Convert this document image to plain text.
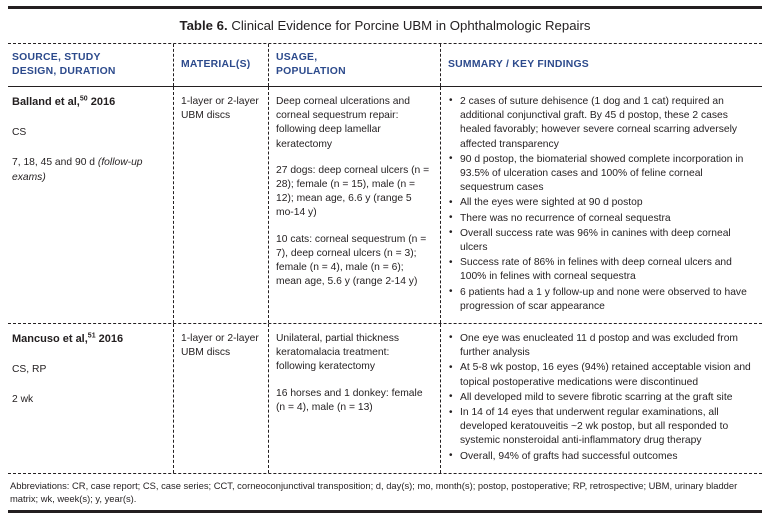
Table 6. Clinical Evidence for Porcine UBM in Ophthalmologic Repairs
SOURCE, STUDY
DESIGN, DURATION
MATERIAL(S)
USAGE,
POPULATION
SUMMARY / KEY FINDINGS

Balland et al,$^{50}$ 2016

CS

7, 18, 45 and 90 d (follow-up exams)

1-layer or 2-layer UBM discs

Deep corneal ulcerations and corneal sequestrum repair: following deep lamellar keratectomy

27 dogs: deep corneal ulcers (n = 28); female (n = 15), male (n = 12); mean age, 6.6 y (range 5 mo-14 y)

10 cats: corneal sequestrum (n = 7), deep corneal ulcers (n = 3); female (n = 4), male (n = 6); mean age, 5.6 y (range 2-14 y)

• 2 cases of suture dehisence (1 dog and 1 cat) required an additional conjunctival graft. By 45 d postop, these 2 cases healed favorably; however severe corneal scarring adversely affected transparency
• 90 d postop, the biomaterial showed complete incorporation in 93.5% of ulceration cases and 100% of feline corneal sequestrum cases
• All the eyes were sighted at 90 d postop
• There was no recurrence of corneal sequestra
• Overall success rate was 96% in canines with deep corneal ulcers
• Success rate of 86% in felines with deep corneal ulcers and 100% in felines with corneal sequestra
• 6 patients had a 1 y follow-up and none were observed to have progression of scar appearance

Mancuso et al,$^{51}$ 2016

CS, RP

2 wk

1-layer or 2-layer UBM discs

Unilateral, partial thickness keratomalacia treatment: following keratectomy

16 horses and 1 donkey: female (n = 4), male (n = 13)

• One eye was enucleated 11 d postop and was excluded from further analysis
• At 5-8 wk postop, 16 eyes (94%) retained acceptable vision and topical postoperative medications were discontinued
• All developed mild to severe fibrotic scarring at the graft site
• In 14 of 14 eyes that underwent regular examinations, all developed keratouveitis ~2 wk postop, but all responded to systemic nonsteroidal anti-inflammatory drug therapy
• Overall, 94% of grafts had successful outcomes
Abbreviations: CR, case report; CS, case series; CCT, corneoconjunctival transposition; d, day(s); mo, month(s); postop, postoperative; RP, retrospective; UBM, urinary bladder matrix; wk, week(s); y, year(s).
